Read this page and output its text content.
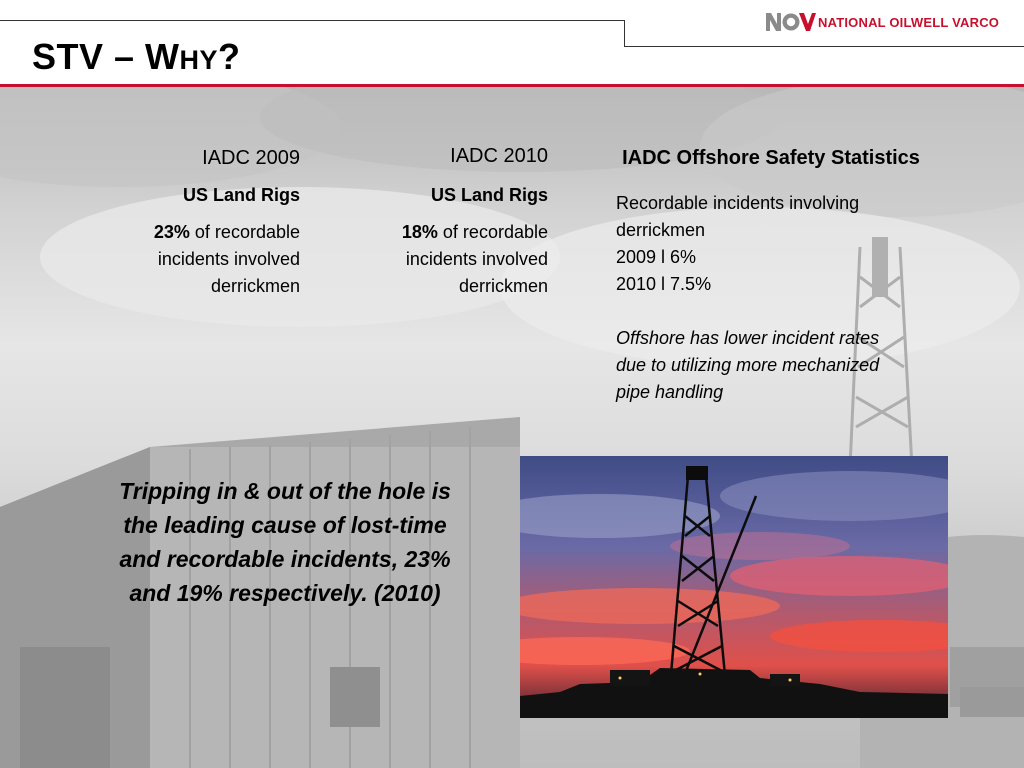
STV – WHY?
NATIONAL OILWELL VARCO
IADC 2009
US Land Rigs
23% of recordable incidents involved derrickmen
IADC 2010
US Land Rigs
18% of recordable incidents involved derrickmen
IADC Offshore Safety Statistics
Recordable incidents involving derrickmen
2009 l 6%
2010 l 7.5%
Offshore has lower incident rates due to utilizing more mechanized pipe handling
Tripping in & out of the hole is the leading cause of lost-time and recordable incidents, 23% and 19% respectively. (2010)
